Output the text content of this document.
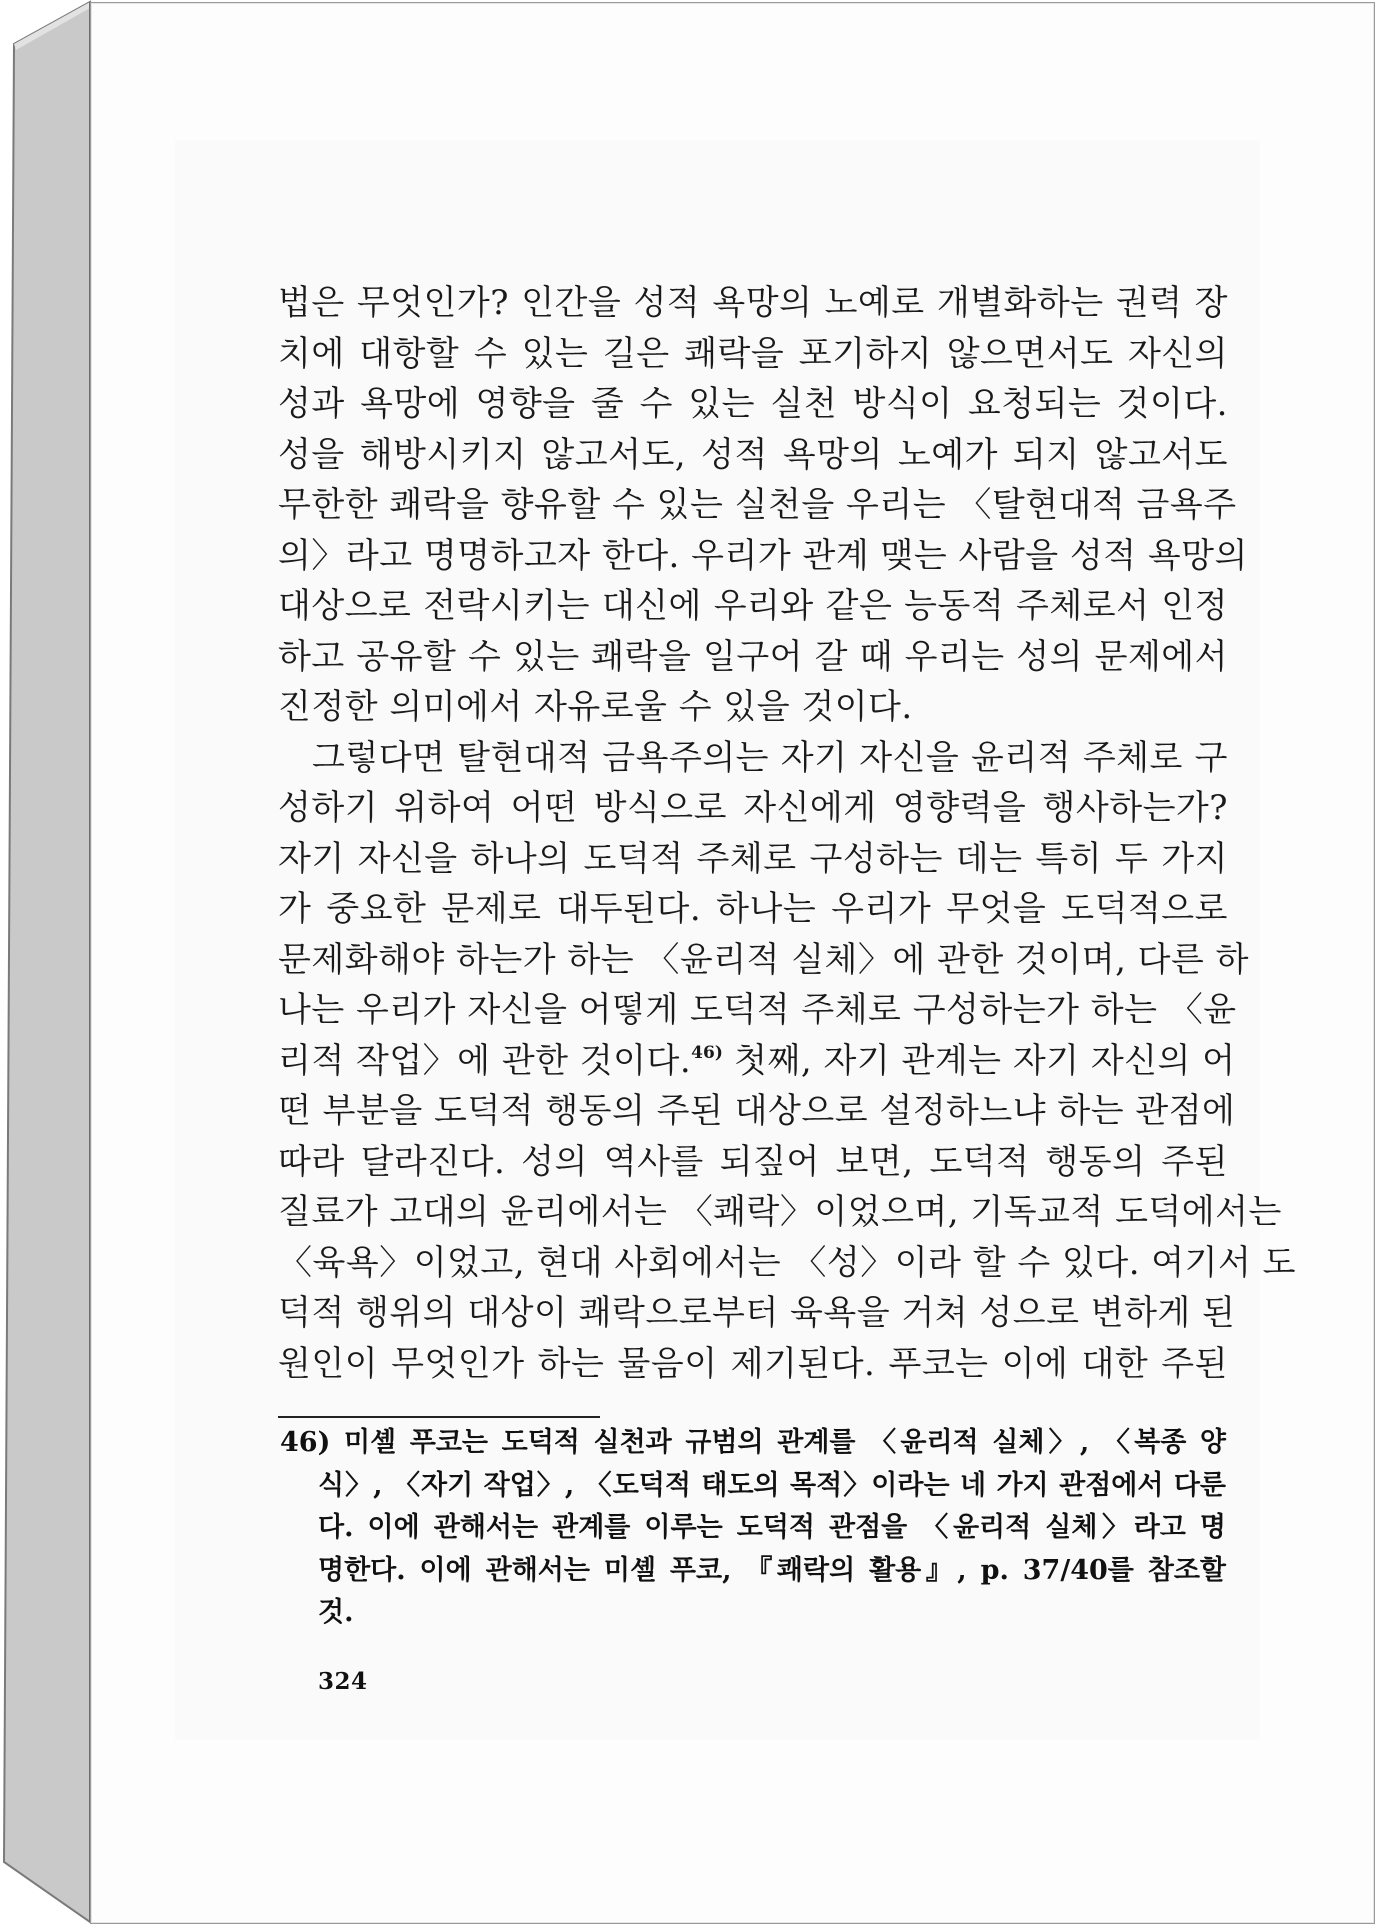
법은 무엇인가? 인간을 성적 욕망의 노예로 개별화하는 권력 장
치에 대항할 수 있는 길은 쾌락을 포기하지 않으면서도 자신의
성과 욕망에 영향을 줄 수 있는 실천 방식이 요청되는 것이다.
성을 해방시키지 않고서도, 성적 욕망의 노예가 되지 않고서도
무한한 쾌락을 향유할 수 있는 실천을 우리는 〈탈현대적 금욕주
의〉라고 명명하고자 한다. 우리가 관계 맺는 사람을 성적 욕망의
대상으로 전락시키는 대신에 우리와 같은 능동적 주체로서 인정
하고 공유할 수 있는 쾌락을 일구어 갈 때 우리는 성의 문제에서
진정한 의미에서 자유로울 수 있을 것이다.
그렇다면 탈현대적 금욕주의는 자기 자신을 윤리적 주체로 구
성하기 위하여 어떤 방식으로 자신에게 영향력을 행사하는가?
자기 자신을 하나의 도덕적 주체로 구성하는 데는 특히 두 가지
가 중요한 문제로 대두된다. 하나는 우리가 무엇을 도덕적으로
문제화해야 하는가 하는 〈윤리적 실체〉에 관한 것이며, 다른 하
나는 우리가 자신을 어떻게 도덕적 주체로 구성하는가 하는 〈윤
리적 작업〉에 관한 것이다.$^{46)}$ 첫째, 자기 관계는 자기 자신의 어
떤 부분을 도덕적 행동의 주된 대상으로 설정하느냐 하는 관점에
따라 달라진다. 성의 역사를 되짚어 보면, 도덕적 행동의 주된
질료가 고대의 윤리에서는 〈쾌락〉이었으며, 기독교적 도덕에서는
〈육욕〉이었고, 현대 사회에서는 〈성〉이라 할 수 있다. 여기서 도
덕적 행위의 대상이 쾌락으로부터 육욕을 거쳐 성으로 변하게 된
원인이 무엇인가 하는 물음이 제기된다. 푸코는 이에 대한 주된
46) 미셸 푸코는 도덕적 실천과 규범의 관계를 〈윤리적 실체〉, 〈복종 양
식〉, 〈자기 작업〉, 〈도덕적 태도의 목적〉이라는 네 가지 관점에서 다룬
다. 이에 관해서는 관계를 이루는 도덕적 관점을 〈윤리적 실체〉라고 명
명한다. 이에 관해서는 미셸 푸코, 『쾌락의 활용』, p. 37/40를 참조할
것.
324
